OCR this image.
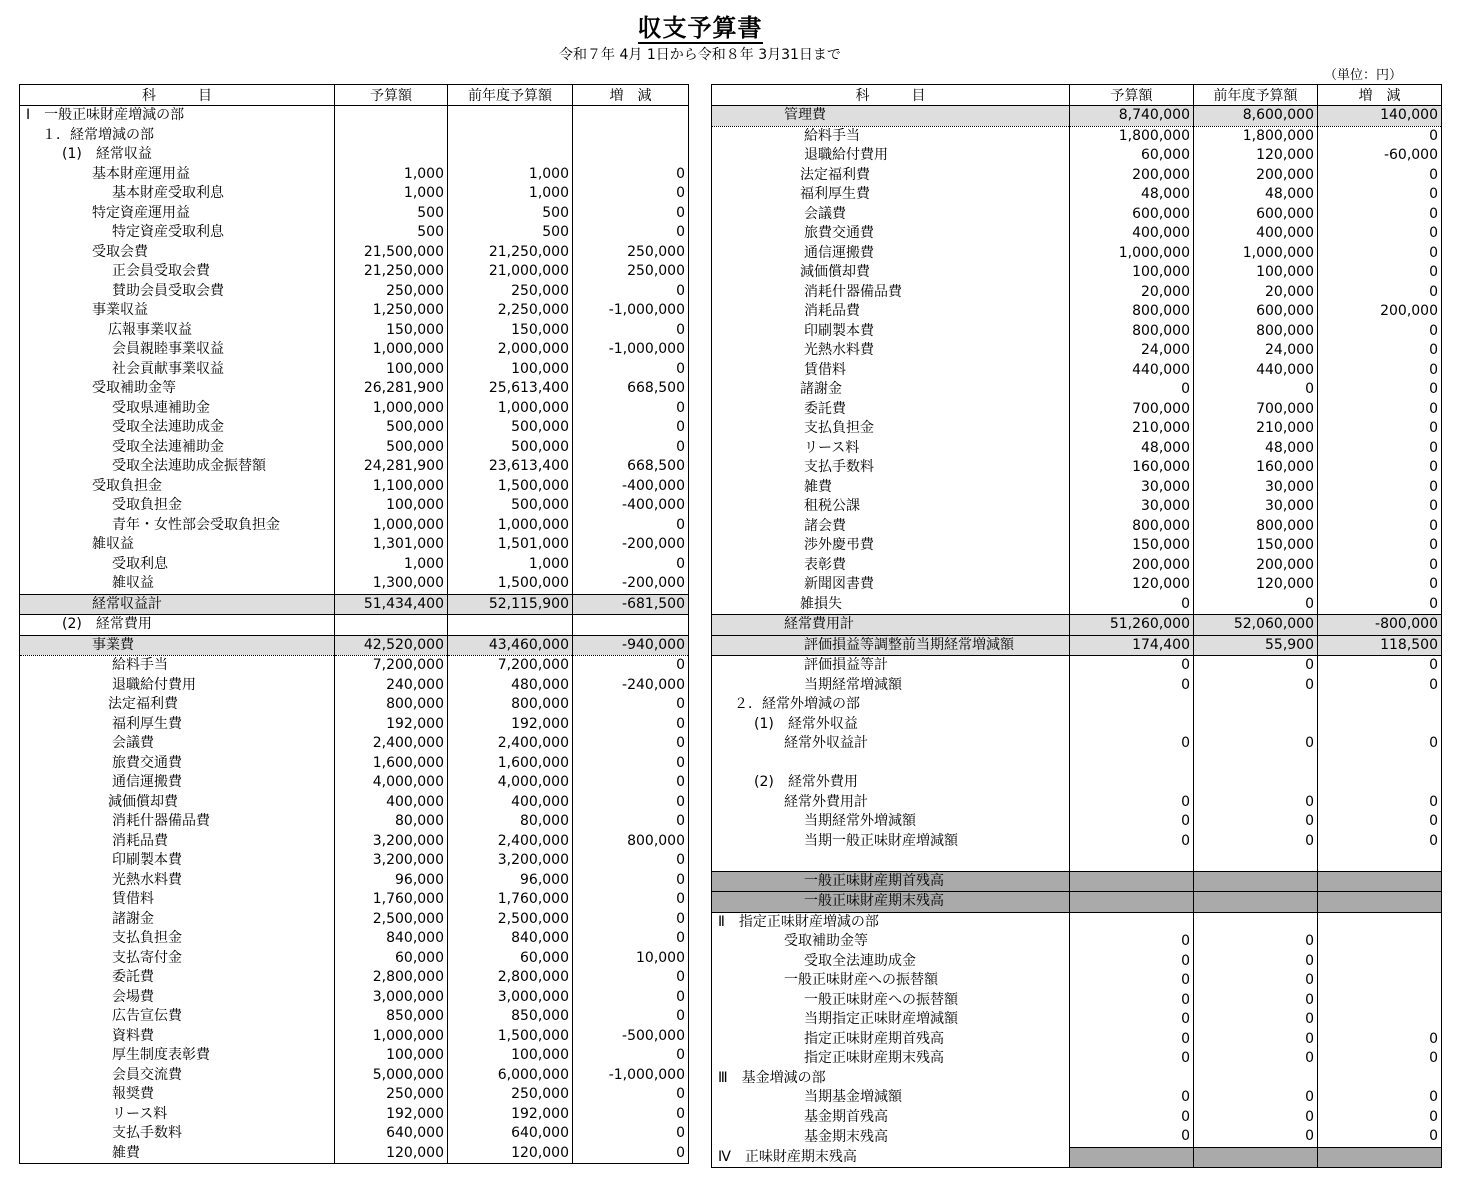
収支予算書
令和７年 4月 1日から令和８年 3月31日まで
（単位：円）
科　　　目	予算額	前年度予算額	増　減
Ⅰ　一般正味財産増減の部			
１．経常増減の部			
(1)　経常収益			
基本財産運用益	1,000	1,000	0
基本財産受取利息	1,000	1,000	0
特定資産運用益	500	500	0
特定資産受取利息	500	500	0
受取会費	21,500,000	21,250,000	250,000
正会員受取会費	21,250,000	21,000,000	250,000
賛助会員受取会費	250,000	250,000	0
事業収益	1,250,000	2,250,000	-1,000,000
広報事業収益	150,000	150,000	0
会員親睦事業収益	1,000,000	2,000,000	-1,000,000
社会貢献事業収益	100,000	100,000	0
受取補助金等	26,281,900	25,613,400	668,500
受取県連補助金	1,000,000	1,000,000	0
受取全法連助成金	500,000	500,000	0
受取全法連補助金	500,000	500,000	0
受取全法連助成金振替額	24,281,900	23,613,400	668,500
受取負担金	1,100,000	1,500,000	-400,000
受取負担金	100,000	500,000	-400,000
青年・女性部会受取負担金	1,000,000	1,000,000	0
雑収益	1,301,000	1,501,000	-200,000
受取利息	1,000	1,000	0
雑収益	1,300,000	1,500,000	-200,000
経常収益計	51,434,400	52,115,900	-681,500
(2)　経常費用			
事業費	42,520,000	43,460,000	-940,000
給料手当	7,200,000	7,200,000	0
退職給付費用	240,000	480,000	-240,000
法定福利費	800,000	800,000	0
福利厚生費	192,000	192,000	0
会議費	2,400,000	2,400,000	0
旅費交通費	1,600,000	1,600,000	0
通信運搬費	4,000,000	4,000,000	0
減価償却費	400,000	400,000	0
消耗什器備品費	80,000	80,000	0
消耗品費	3,200,000	2,400,000	800,000
印刷製本費	3,200,000	3,200,000	0
光熱水料費	96,000	96,000	0
賃借料	1,760,000	1,760,000	0
諸謝金	2,500,000	2,500,000	0
支払負担金	840,000	840,000	0
支払寄付金	60,000	60,000	10,000
委託費	2,800,000	2,800,000	0
会場費	3,000,000	3,000,000	0
広告宣伝費	850,000	850,000	0
資料費	1,000,000	1,500,000	-500,000
厚生制度表彰費	100,000	100,000	0
会員交流費	5,000,000	6,000,000	-1,000,000
報奨費	250,000	250,000	0
リース料	192,000	192,000	0
支払手数料	640,000	640,000	0
雑費	120,000	120,000	0
科　　　目	予算額	前年度予算額	増　減
管理費	8,740,000	8,600,000	140,000
給料手当	1,800,000	1,800,000	0
退職給付費用	60,000	120,000	-60,000
法定福利費	200,000	200,000	0
福利厚生費	48,000	48,000	0
会議費	600,000	600,000	0
旅費交通費	400,000	400,000	0
通信運搬費	1,000,000	1,000,000	0
減価償却費	100,000	100,000	0
消耗什器備品費	20,000	20,000	0
消耗品費	800,000	600,000	200,000
印刷製本費	800,000	800,000	0
光熱水料費	24,000	24,000	0
賃借料	440,000	440,000	0
諸謝金	0	0	0
委託費	700,000	700,000	0
支払負担金	210,000	210,000	0
リース料	48,000	48,000	0
支払手数料	160,000	160,000	0
雑費	30,000	30,000	0
租税公課	30,000	30,000	0
諸会費	800,000	800,000	0
渉外慶弔費	150,000	150,000	0
表彰費	200,000	200,000	0
新聞図書費	120,000	120,000	0
雑損失	0	0	0
経常費用計	51,260,000	52,060,000	-800,000
評価損益等調整前当期経常増減額	174,400	55,900	118,500
評価損益等計	0	0	0
当期経常増減額	0	0	0
２．経常外増減の部			
(1)　経常外収益			
経常外収益計	0	0	0

(2)　経常外費用			
経常外費用計	0	0	0
当期経常外増減額	0	0	0
当期一般正味財産増減額	0	0	0

一般正味財産期首残高			
一般正味財産期末残高			
Ⅱ　指定正味財産増減の部			
受取補助金等	0	0	
受取全法連助成金	0	0	
一般正味財産への振替額	0	0	
一般正味財産への振替額	0	0	
当期指定正味財産増減額	0	0	
指定正味財産期首残高	0	0	0
指定正味財産期末残高	0	0	0
Ⅲ　基金増減の部			
当期基金増減額	0	0	0
基金期首残高	0	0	0
基金期末残高	0	0	0
Ⅳ　正味財産期末残高			
